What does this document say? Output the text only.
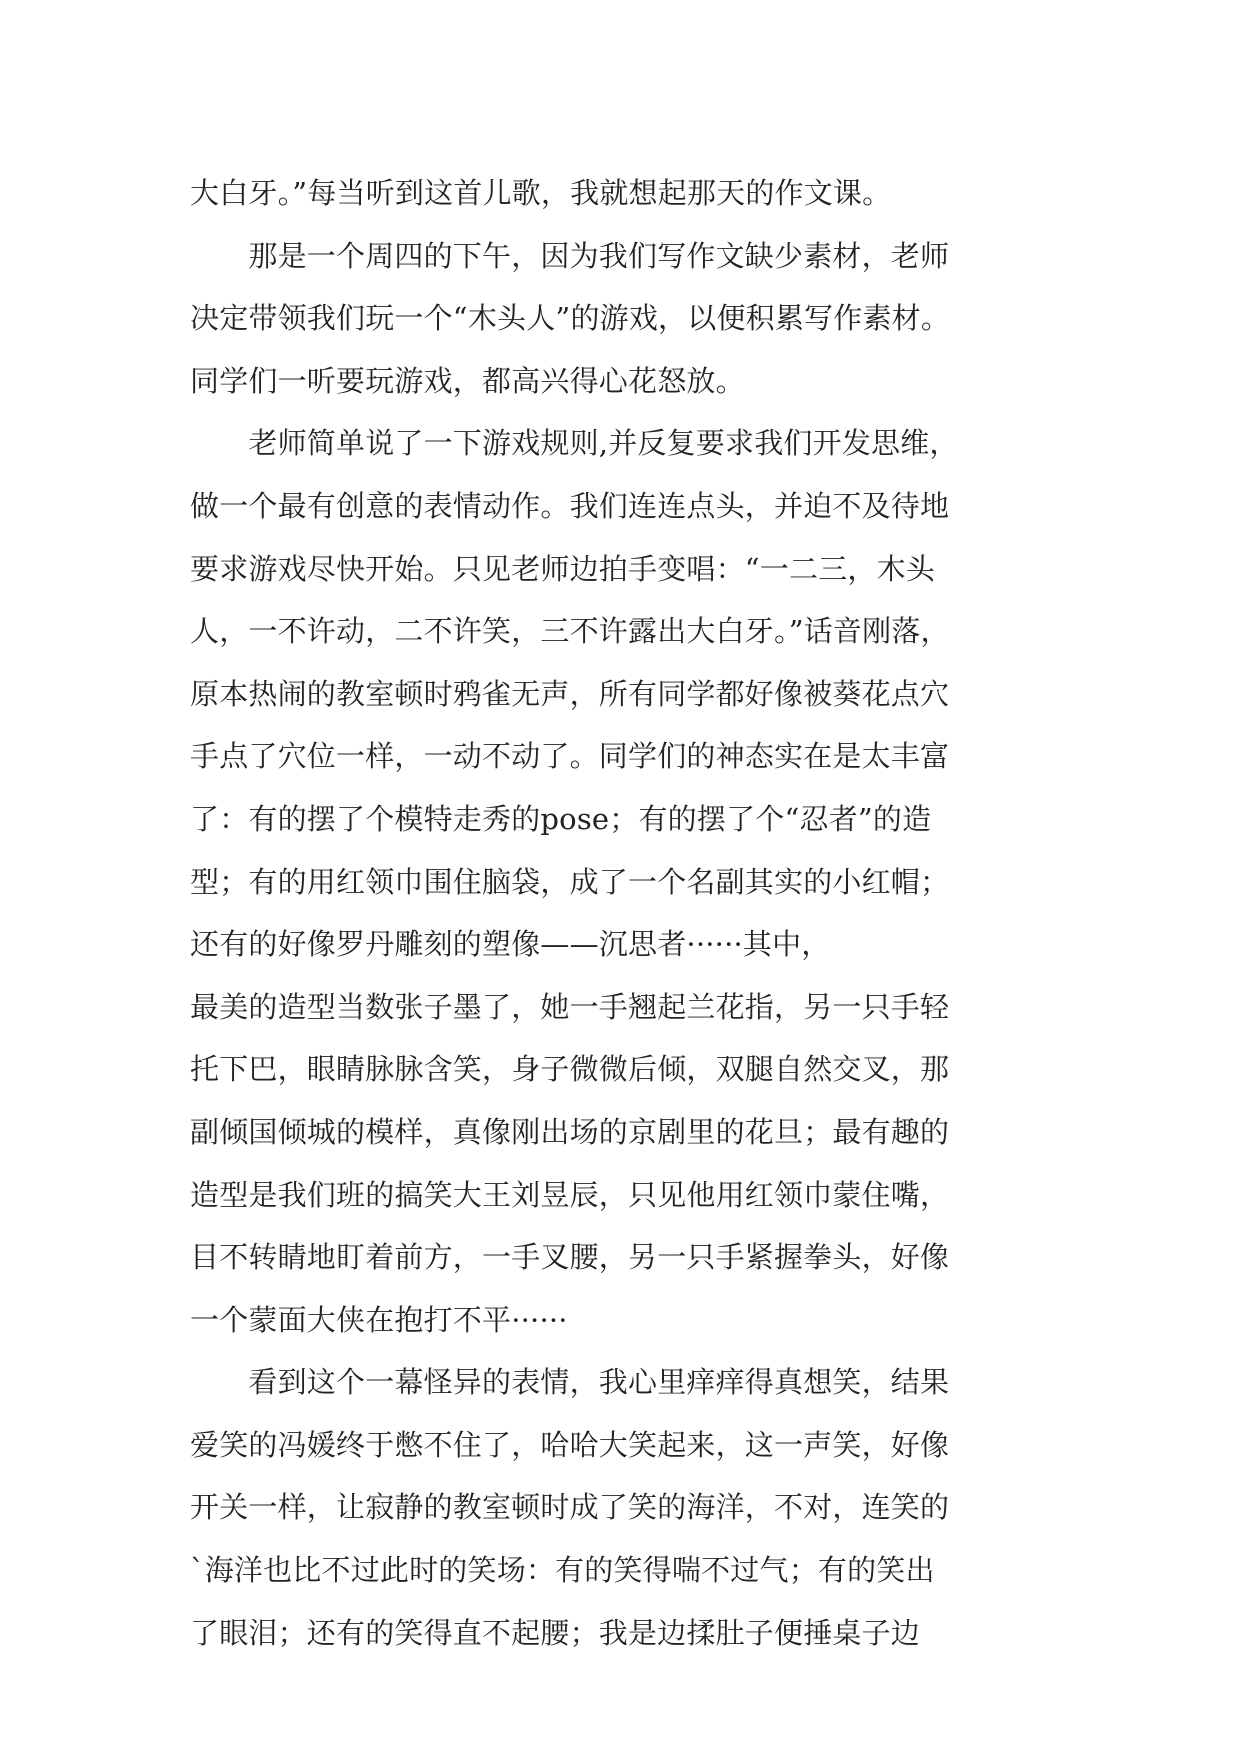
大白牙。”每当听到这首儿歌，我就想起那天的作文课。
　　那是一个周四的下午，因为我们写作文缺少素材，老师
决定带领我们玩一个“木头人”的游戏，以便积累写作素材。
同学们一听要玩游戏，都高兴得心花怒放。
　　老师简单说了一下游戏规则,并反复要求我们开发思维，
做一个最有创意的表情动作。我们连连点头，并迫不及待地
要求游戏尽快开始。只见老师边拍手变唱：“一二三，木头
人，一不许动，二不许笑，三不许露出大白牙。”话音刚落，
原本热闹的教室顿时鸦雀无声，所有同学都好像被葵花点穴
手点了穴位一样，一动不动了。同学们的神态实在是太丰富
了：有的摆了个模特走秀的pose；有的摆了个“忍者”的造
型；有的用红领巾围住脑袋，成了一个名副其实的小红帽；
还有的好像罗丹雕刻的塑像——沉思者······其中，
最美的造型当数张子墨了，她一手翘起兰花指，另一只手轻
托下巴，眼睛脉脉含笑，身子微微后倾，双腿自然交叉，那
副倾国倾城的模样，真像刚出场的京剧里的花旦；最有趣的
造型是我们班的搞笑大王刘昱辰，只见他用红领巾蒙住嘴，
目不转睛地盯着前方，一手叉腰，另一只手紧握拳头，好像
一个蒙面大侠在抱打不平······
　　看到这个一幕怪异的表情，我心里痒痒得真想笑，结果
爱笑的冯媛终于憋不住了，哈哈大笑起来，这一声笑，好像
开关一样，让寂静的教室顿时成了笑的海洋，不对，连笑的
`海洋也比不过此时的笑场：有的笑得喘不过气；有的笑出
了眼泪；还有的笑得直不起腰；我是边揉肚子便捶桌子边
